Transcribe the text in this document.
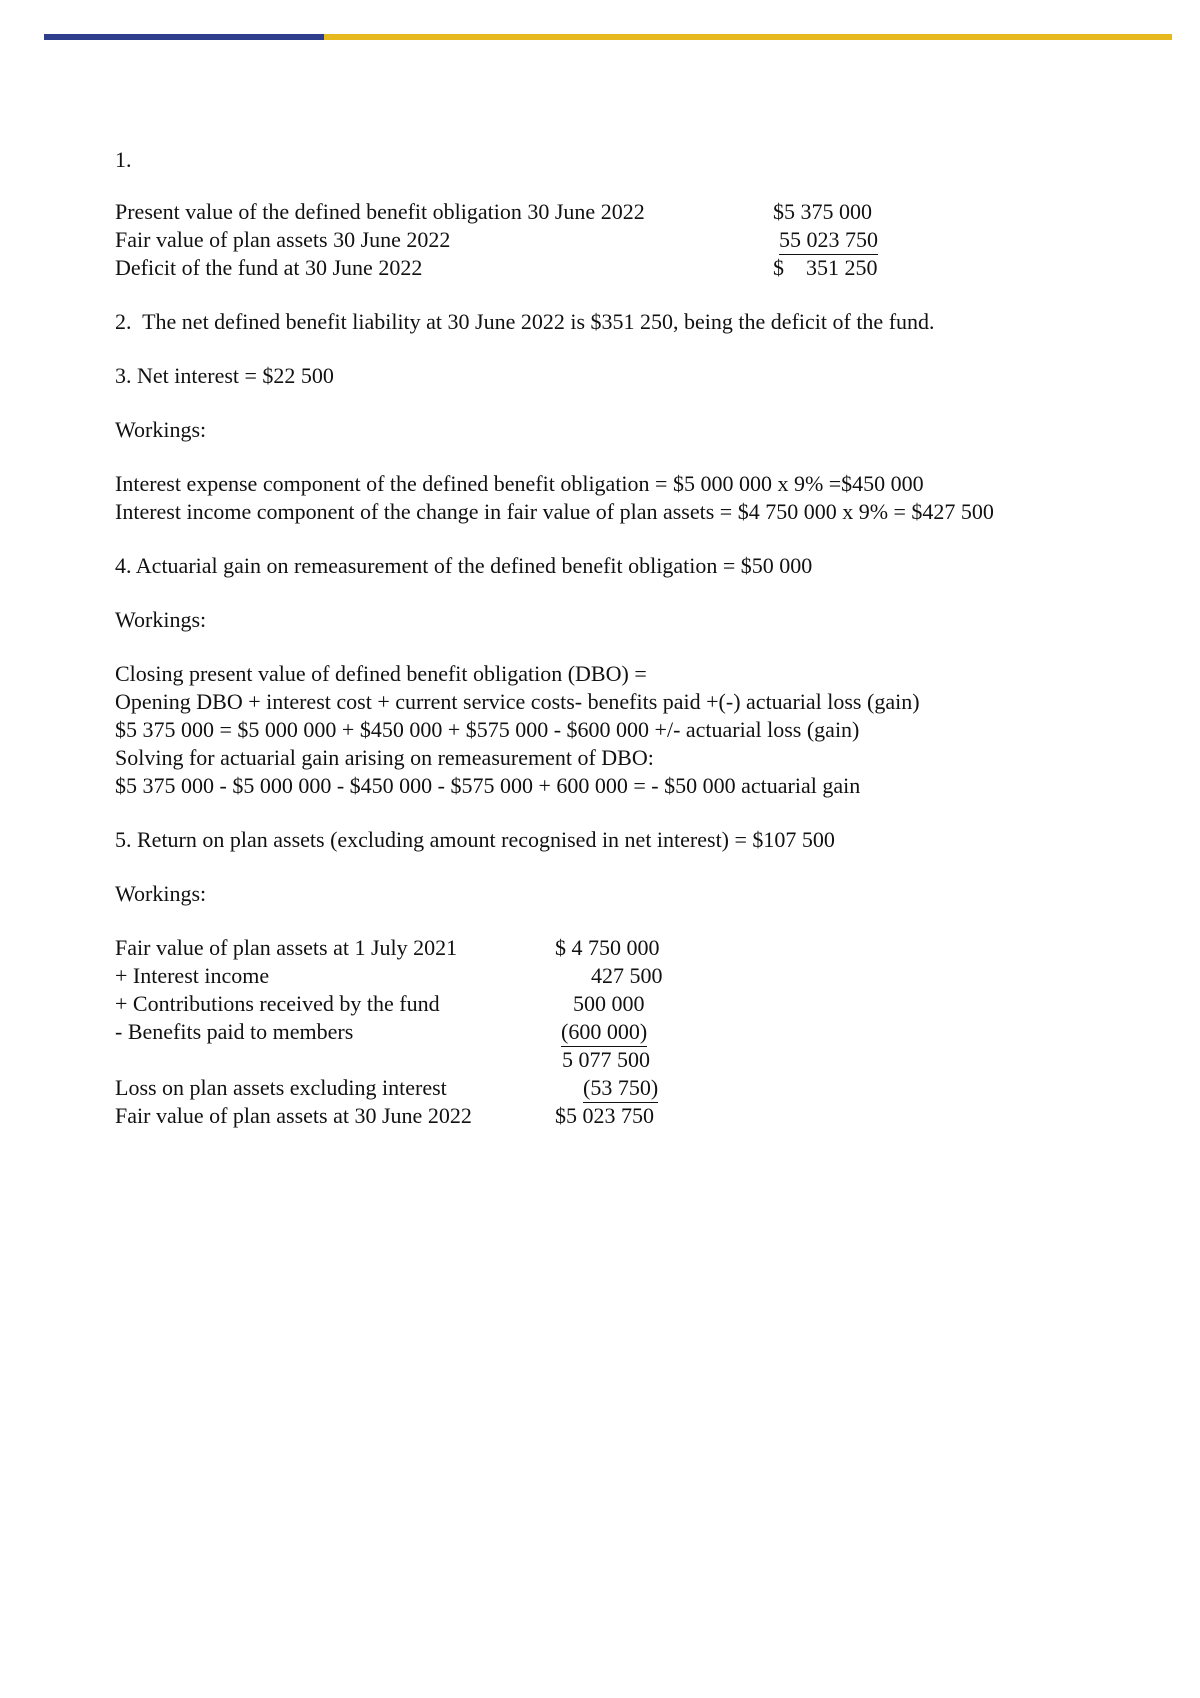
1.
Present value of the defined benefit obligation 30 June 2022	$5 375 000
Fair value of plan assets 30 June 2022	55 023 750
Deficit of the fund at 30 June 2022	$    351 250
2.  The net defined benefit liability at 30 June 2022 is $351 250, being the deficit of the fund.
3. Net interest = $22 500
Workings:
Interest expense component of the defined benefit obligation = $5 000 000 x 9% =$450 000
Interest income component of the change in fair value of plan assets = $4 750 000 x 9% = $427 500
4. Actuarial gain on remeasurement of the defined benefit obligation = $50 000
Workings:
Closing present value of defined benefit obligation (DBO) =
Opening DBO + interest cost + current service costs- benefits paid +(-) actuarial loss (gain)
$5 375 000 = $5 000 000 + $450 000 + $575 000 - $600 000 +/- actuarial loss (gain)
Solving for actuarial gain arising on remeasurement of DBO:
$5 375 000 - $5 000 000 - $450 000 - $575 000 + 600 000 = - $50 000 actuarial gain
5. Return on plan assets (excluding amount recognised in net interest) = $107 500
Workings:
Fair value of plan assets at 1 July 2021	$ 4 750 000
+ Interest income	427 500
+ Contributions received by the fund	500 000
- Benefits paid to members	(600 000)
5 077 500
Loss on plan assets excluding interest	(53 750)
Fair value of plan assets at 30 June 2022	$5 023 750
